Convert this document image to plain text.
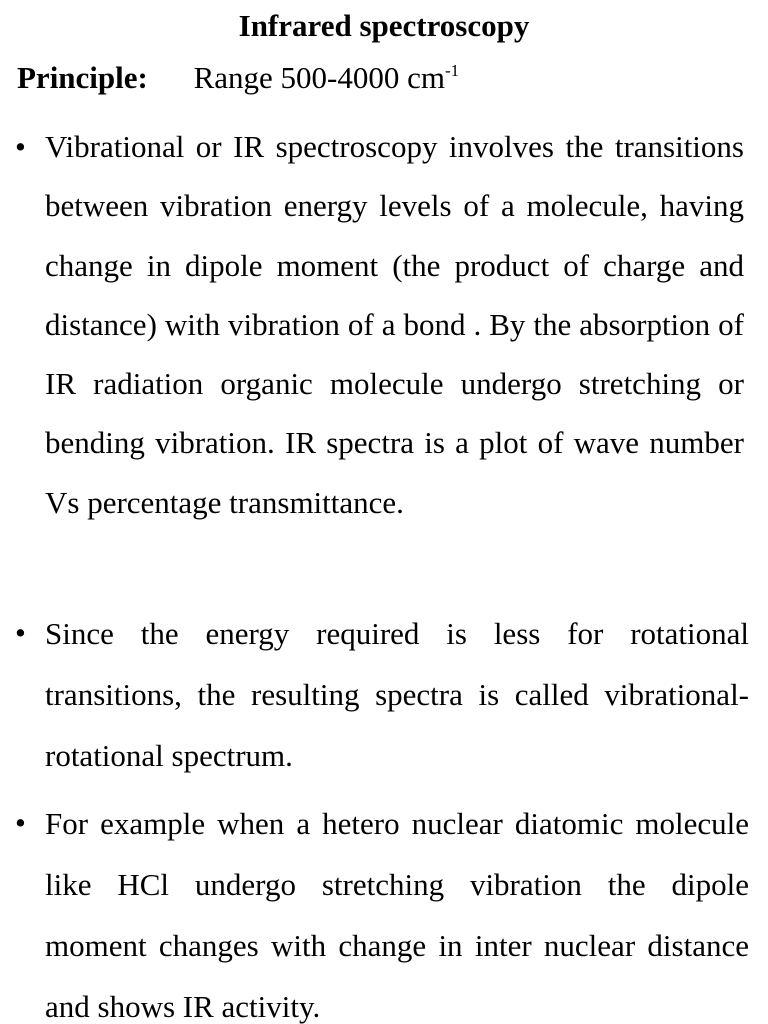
Infrared spectroscopy
Principle: Range 500-4000 $cm^{-1}$
• Vibrational or IR spectroscopy involves the transitions between vibration energy levels of a molecule, having change in dipole moment (the product of charge and distance) with vibration of a bond . By the absorption of IR radiation organic molecule undergo stretching or bending vibration. IR spectra is a plot of wave number Vs percentage transmittance.
• Since the energy required is less for rotational transitions, the resulting spectra is called vibrational- rotational spectrum.
• For example when a hetero nuclear diatomic molecule like HCl undergo stretching vibration the dipole moment changes with change in inter nuclear distance and shows IR activity.
